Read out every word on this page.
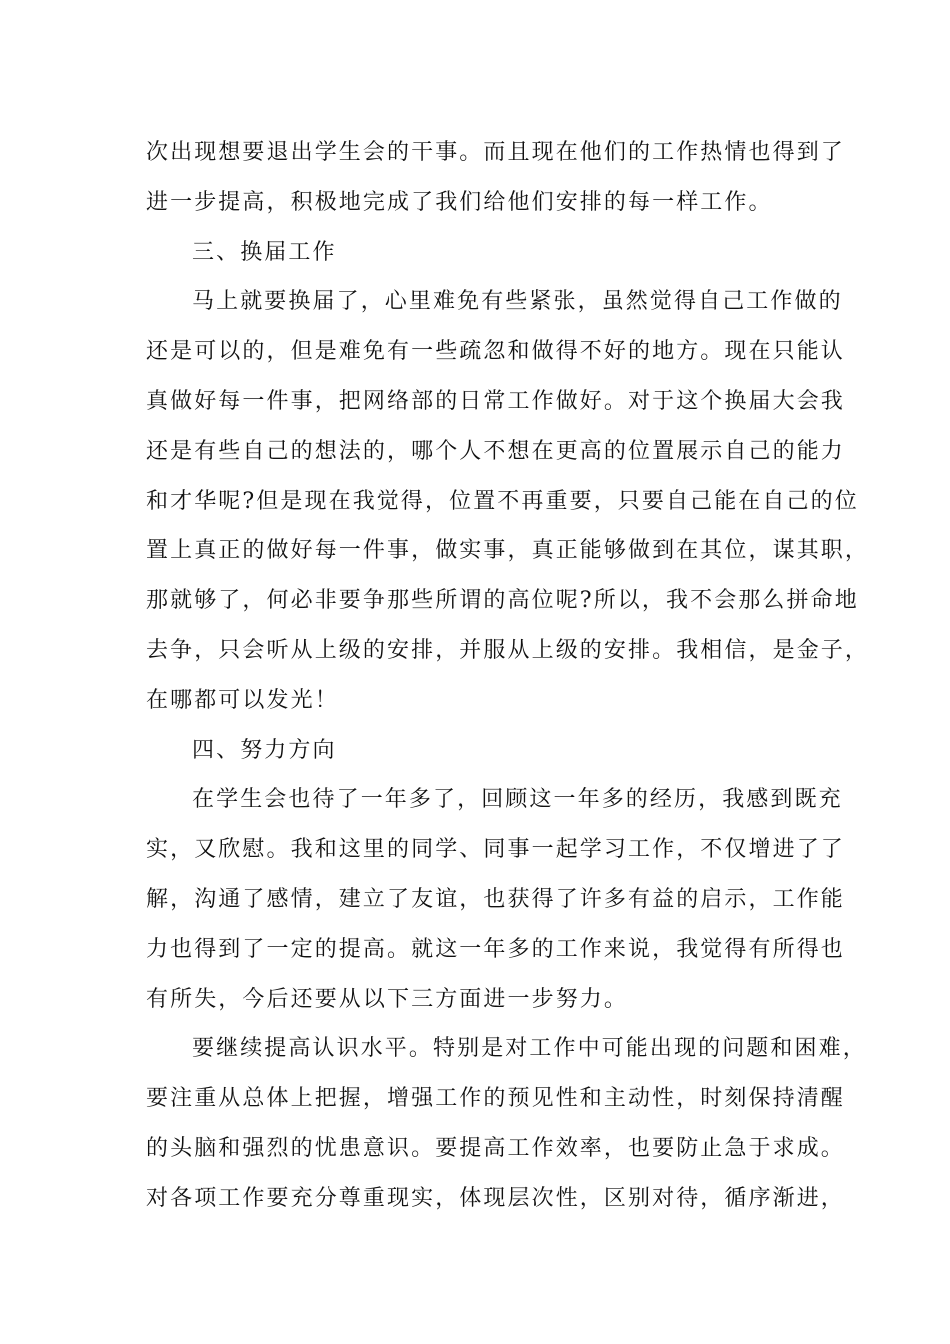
次出现想要退出学生会的干事。而且现在他们的工作热情也得到了
进一步提高，积极地完成了我们给他们安排的每一样工作。
三、换届工作
马上就要换届了，心里难免有些紧张，虽然觉得自己工作做的
还是可以的，但是难免有一些疏忽和做得不好的地方。现在只能认
真做好每一件事，把网络部的日常工作做好。对于这个换届大会我
还是有些自己的想法的，哪个人不想在更高的位置展示自己的能力
和才华呢?但是现在我觉得，位置不再重要，只要自己能在自己的位
置上真正的做好每一件事，做实事，真正能够做到在其位，谋其职，
那就够了，何必非要争那些所谓的高位呢?所以，我不会那么拼命地
去争，只会听从上级的安排，并服从上级的安排。我相信，是金子，
在哪都可以发光！
四、努力方向
在学生会也待了一年多了，回顾这一年多的经历，我感到既充
实，又欣慰。我和这里的同学、同事一起学习工作，不仅增进了了
解，沟通了感情，建立了友谊，也获得了许多有益的启示，工作能
力也得到了一定的提高。就这一年多的工作来说，我觉得有所得也
有所失，今后还要从以下三方面进一步努力。
要继续提高认识水平。特别是对工作中可能出现的问题和困难，
要注重从总体上把握，增强工作的预见性和主动性，时刻保持清醒
的头脑和强烈的忧患意识。要提高工作效率，也要防止急于求成。
对各项工作要充分尊重现实，体现层次性，区别对待，循序渐进，
